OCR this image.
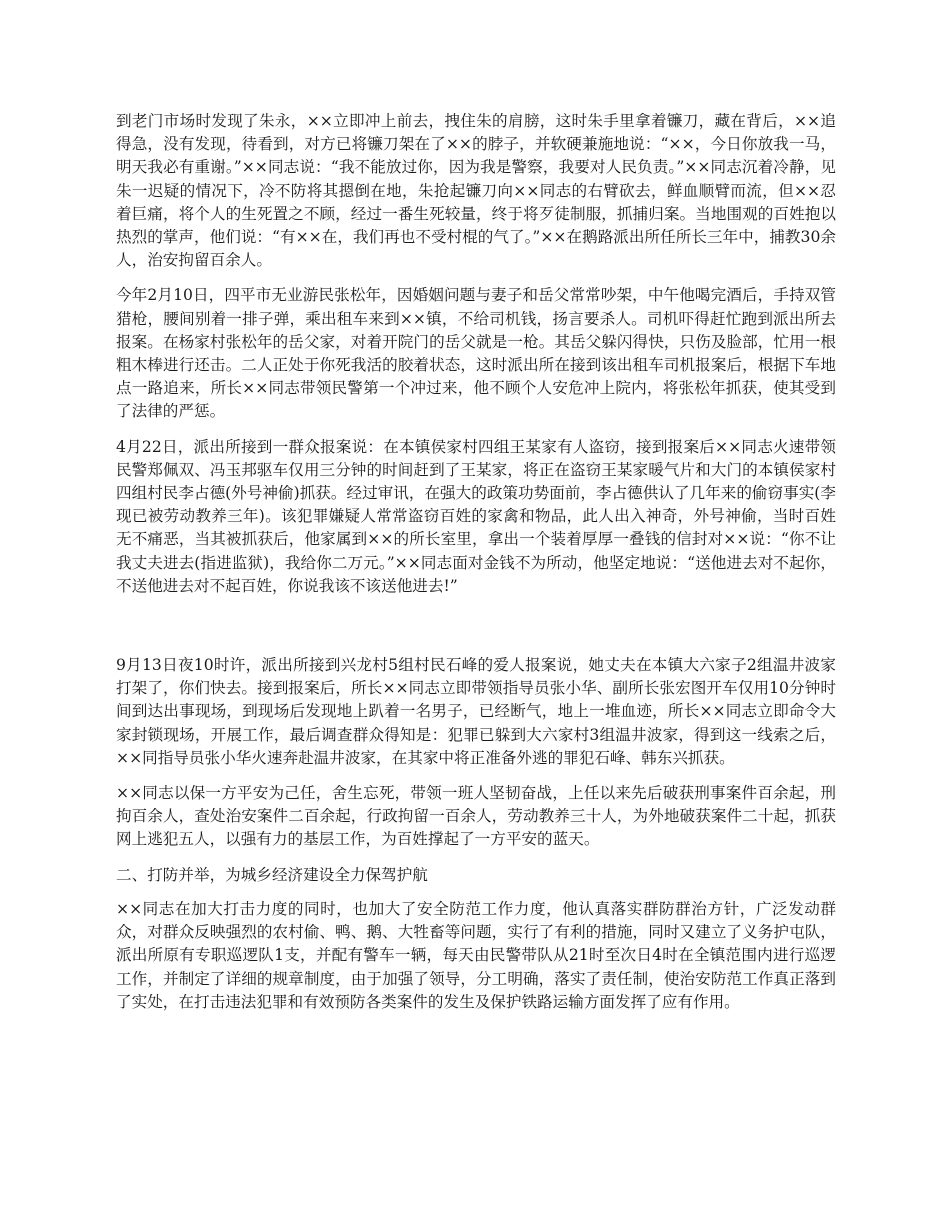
到老门市场时发现了朱永，××立即冲上前去，拽住朱的肩膀，这时朱手里拿着镰刀，藏在背后，××追得急，没有发现，待看到，对方已将镰刀架在了××的脖子，并软硬兼施地说：“××，今日你放我一马，明天我必有重谢。”××同志说：“我不能放过你，因为我是警察，我要对人民负责。”××同志沉着冷静，见朱一迟疑的情况下，冷不防将其摁倒在地，朱抢起镰刀向××同志的右臂砍去，鲜血顺臂而流，但××忍着巨痛，将个人的生死置之不顾，经过一番生死较量，终于将歹徒制服，抓捕归案。当地围观的百姓抱以热烈的掌声，他们说：“有××在，我们再也不受村棍的气了。”××在鹅路派出所任所长三年中，捕教30余人，治安拘留百余人。

今年2月10日，四平市无业游民张松年，因婚姻问题与妻子和岳父常常吵架，中午他喝完酒后，手持双管猎枪，腰间别着一排子弹，乘出租车来到××镇，不给司机钱，扬言要杀人。司机吓得赶忙跑到派出所去报案。在杨家村张松年的岳父家，对着开院门的岳父就是一枪。其岳父躲闪得快，只伤及脸部，忙用一根粗木棒进行还击。二人正处于你死我活的胶着状态，这时派出所在接到该出租车司机报案后，根据下车地点一路追来，所长××同志带领民警第一个冲过来，他不顾个人安危冲上院内，将张松年抓获，使其受到了法律的严惩。

4月22日，派出所接到一群众报案说：在本镇侯家村四组王某家有人盗窃，接到报案后××同志火速带领民警郑佩双、冯玉邦驱车仅用三分钟的时间赶到了王某家，将正在盗窃王某家暖气片和大门的本镇侯家村四组村民李占德(外号神偷)抓获。经过审讯，在强大的政策功势面前，李占德供认了几年来的偷窃事实(李现已被劳动教养三年)。该犯罪嫌疑人常常盗窃百姓的家禽和物品，此人出入神奇，外号神偷，当时百姓无不痛恶，当其被抓获后，他家属到××的所长室里，拿出一个装着厚厚一叠钱的信封对××说：“你不让我丈夫进去(指进监狱)，我给你二万元。”××同志面对金钱不为所动，他坚定地说：“送他进去对不起你，不送他进去对不起百姓，你说我该不该送他进去!”

9月13日夜10时许，派出所接到兴龙村5组村民石峰的爱人报案说，她丈夫在本镇大六家子2组温井波家打架了，你们快去。接到报案后，所长××同志立即带领指导员张小华、副所长张宏图开车仅用10分钟时间到达出事现场，到现场后发现地上趴着一名男子，已经断气，地上一堆血迹，所长××同志立即命令大家封锁现场，开展工作，最后调查群众得知是：犯罪已躲到大六家村3组温井波家，得到这一线索之后，××同指导员张小华火速奔赴温井波家，在其家中将正准备外逃的罪犯石峰、韩东兴抓获。

××同志以保一方平安为己任，舍生忘死，带领一班人坚韧奋战，上任以来先后破获刑事案件百余起，刑拘百余人，查处治安案件二百余起，行政拘留一百余人，劳动教养三十人，为外地破获案件二十起，抓获网上逃犯五人，以强有力的基层工作，为百姓撑起了一方平安的蓝天。

二、打防并举，为城乡经济建设全力保驾护航

××同志在加大打击力度的同时，也加大了安全防范工作力度，他认真落实群防群治方针，广泛发动群众，对群众反映强烈的农村偷、鸭、鹅、大牲畜等问题，实行了有利的措施，同时又建立了义务护屯队，派出所原有专职巡逻队1支，并配有警车一辆，每天由民警带队从21时至次日4时在全镇范围内进行巡逻工作，并制定了详细的规章制度，由于加强了领导，分工明确，落实了责任制，使治安防范工作真正落到了实处，在打击违法犯罪和有效预防各类案件的发生及保护铁路运输方面发挥了应有作用。
